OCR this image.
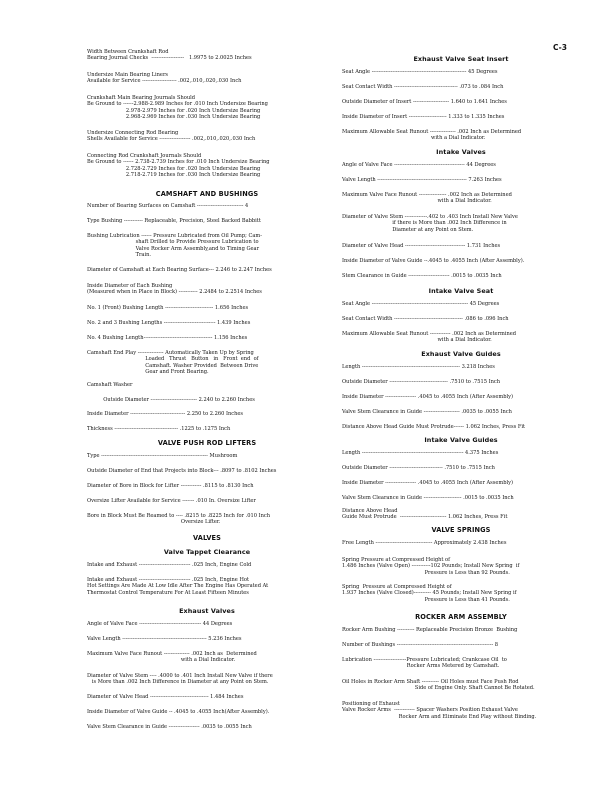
C-3
Width Between Crankshaft Rod
Bearing Journal Checks  -------------------   1.9975 to 2.0025 Inches
Undersize Main Bearing Liners
Available for Service -------------------- .002,.010,.020,.030 Inch
Crankshaft Main Bearing Journals Should
Be Ground to ------2.988-2.989 Inches for .010 Inch Undersize Bearing
2.978-2.979 Inches for .020 Inch Undersize Bearing
2.968-2.969 Inches for .030 Inch Undersize Bearing
Undersize Connecting Rod Bearing
Shells Available for Service ------------------ .002,.010,.020,.030 Inch
Connecting Rod Crankshaft Journals Should
Be Ground to ------ 2.738-2.739 Inches for .010 Inch Undersize Bearing
2.728-2.729 Inches for .020 Inch Undersize Bearing
2.718-2.719 Inches for .030 Inch Undersize Bearing
CAMSHAFT AND BUSHINGS
Number of Bearing Surfaces on Camshaft --------------------------- 4
Type Bushing ----------- Replaceable, Precision, Steel Backed Babbitt
Bushing Lubrication ------ Pressure Lubricated from Oil Pump; Cam-
shaft Drilled to Provide Pressure Lubrication to
Valve Rocker Arm Assembly,and to Timing Gear
Train.
Diameter of Camshaft at Each Bearing Surface--- 2.246 to 2.247 Inches
Inside Diameter of Each Bushing
(Measured when in Place in Block) ----------- 2.2484 to 2.2514 Inches
No. 1 (Front) Bushing Length ---------------------------- 1.656 Inches
No. 2 and 3 Bushing Lengths ------------------------------ 1.439 Inches
No. 4 Bushing Length---------------------------------------- 1.156 Inches
Camshaft End Play --------------- Automatically Taken Up by Spring
Loaded   Thrust   Button   in   Front  end  of
Camshaft. Washer Provided  Between Drive
Gear and Front Bearing.
Camshaft Washer
Outside Diameter --------------------------- 2.240 to 2.260 Inches
Inside Diameter -------------------------------- 2.250 to 2.260 Inches
Thickness ------------------------------------- .1225 to .1275 Inch
VALVE PUSH ROD LIFTERS
Type -------------------------------------------------------------- Mushroom
Outside Diameter of End that Projects into Block--- .8097 to .8102 Inches
Diameter of Bore in Block for Lifter ------------ .8115 to .8130 Inch
Oversize Lifter Available for Service ------- .010 In. Oversize Lifter
Bore in Block Must Be Reamed to ---- .8215 to .8225 Inch for .010 Inch
Oversize Lifter.
VALVES
Valve Tappet Clearance
Intake and Exhaust ------------------------------ .025 Inch, Engine Cold
Intake and Exhaust ------------------------------ .025 Inch, Engine Hot
Hot Settings Are Made At Low Idle After The Engine Has Operated At
Thermostat Control Temperature For At Least Fifteen Minutes
Exhaust Valves
Angle of Valve Face ------------------------------------ 44 Degrees
Valve Length ------------------------------------------------- 5.236 Inches
Maximum Valve Face Runout --------------- .002 Inch as  Determined
with a Dial Indicator.
Diameter of Valve Stem ---- .4000 to .401 Inch Install New Valve if there
is More than .002 Inch Difference in Diameter at any Point on Stem.
Diameter of Valve Head ---------------------------------- 1.484 Inches
Inside Diameter of Valve Guide -- .4045 to .4055 Inch(After Assembly).
Valve Stem Clearance in Guide ------------------ .0035 to .0055 Inch
Exhaust Valve Seat Insert
Seat Angle ------------------------------------------------------- 45 Degrees
Seat Contact Width ------------------------------------- .073 to .084 Inch
Outside Diameter of Insert --------------------- 1.640 to 1.641 Inches
Inside Diameter of Insert ---------------------- 1.333 to 1.335 Inches
Maximum Allowable Seat Runout --------------- .002 Inch as Determined
with a Dial Indicator.
Intake Valves
Angle of Valve Face ----------------------------------------- 44 Degrees
Valve Length ---------------------------------------------------- 7.263 Inches
Maximum Valve Face Runout ---------------- .002 Inch as Determined
with a Dial Indicator.
Diameter of Valve Stem -------------.402 to .403 Inch Install New Valve
if there is More than .002 Inch Difference in
Diameter at any Point on Stem.
Diameter of Valve Head ----------------------------------- 1.731 Inches
Inside Diameter of Valve Guide --.4045 to .4055 Inch (After Assembly).
Stem Clearance in Guide ------------------------ .0015 to .0035 Inch
Intake Valve Seat
Seat Angle -------------------------------------------------------- 45 Degrees
Seat Contact Width ---------------------------------------- .086 to .096 Inch
Maximum Allowable Seat Runout ------------ .002 Inch as Determined
with a Dial Indicator.
Exhaust Valve Guides
Length --------------------------------------------------------- 3.218 Inches
Outside Diameter ---------------------------------- .7510 to .7515 Inch
Inside Diameter ------------------ .4045 to .4055 Inch (After Assembly)
Valve Stem Clearance in Guide --------------------- .0035 to .0055 Inch
Distance Above Head Guide Must Protrude------ 1.062 Inches, Press Fit
Intake Valve Guides
Length ----------------------------------------------------------- 4.375 Inches
Outside Diameter ------------------------------- .7510 to .7515 Inch
Inside Diameter ------------------ .4045 to .4055 Inch (After Assembly)
Valve Stem Clearance in Guide ---------------------- .0015 to .0035 Inch
Distance Above Head
Guide Must Protrude  --------------------------- 1.062 Inches, Press Fit
VALVE SPRINGS
Free Length --------------------------------- Approximately 2.438 Inches
Spring Pressure at Compressed Height of
1.486 Inches (Valve Open) -----------102 Pounds; Install New Spring  if
Pressure is Less than 92 Pounds.
Spring  Pressure at Compressed Height of
1.937 Inches (Valve Closed)---------- 45 Pounds; Install New Spring if
Pressure is Less than 41 Pounds.
ROCKER ARM ASSEMBLY
Rocker Arm Bushing ---------- Replaceable Precision Bronze  Bushing
Number of Bushings -------------------------------------------------------- 8
Lubrication -------------------Pressure Lubricated; Crankcase Oil  to
Rocker Arms Metered by Camshaft.
Oil Holes in Rocker Arm Shaft ---------- Oil Holes must Face Push Rod
Side of Engine Only. Shaft Cannot Be Rotated.
Positioning of Exhaust
Valve Rocker Arms  ------------ Spacer Washers Position Exhaust Valve
Rocker Arm and Eliminate End Play without Binding.
